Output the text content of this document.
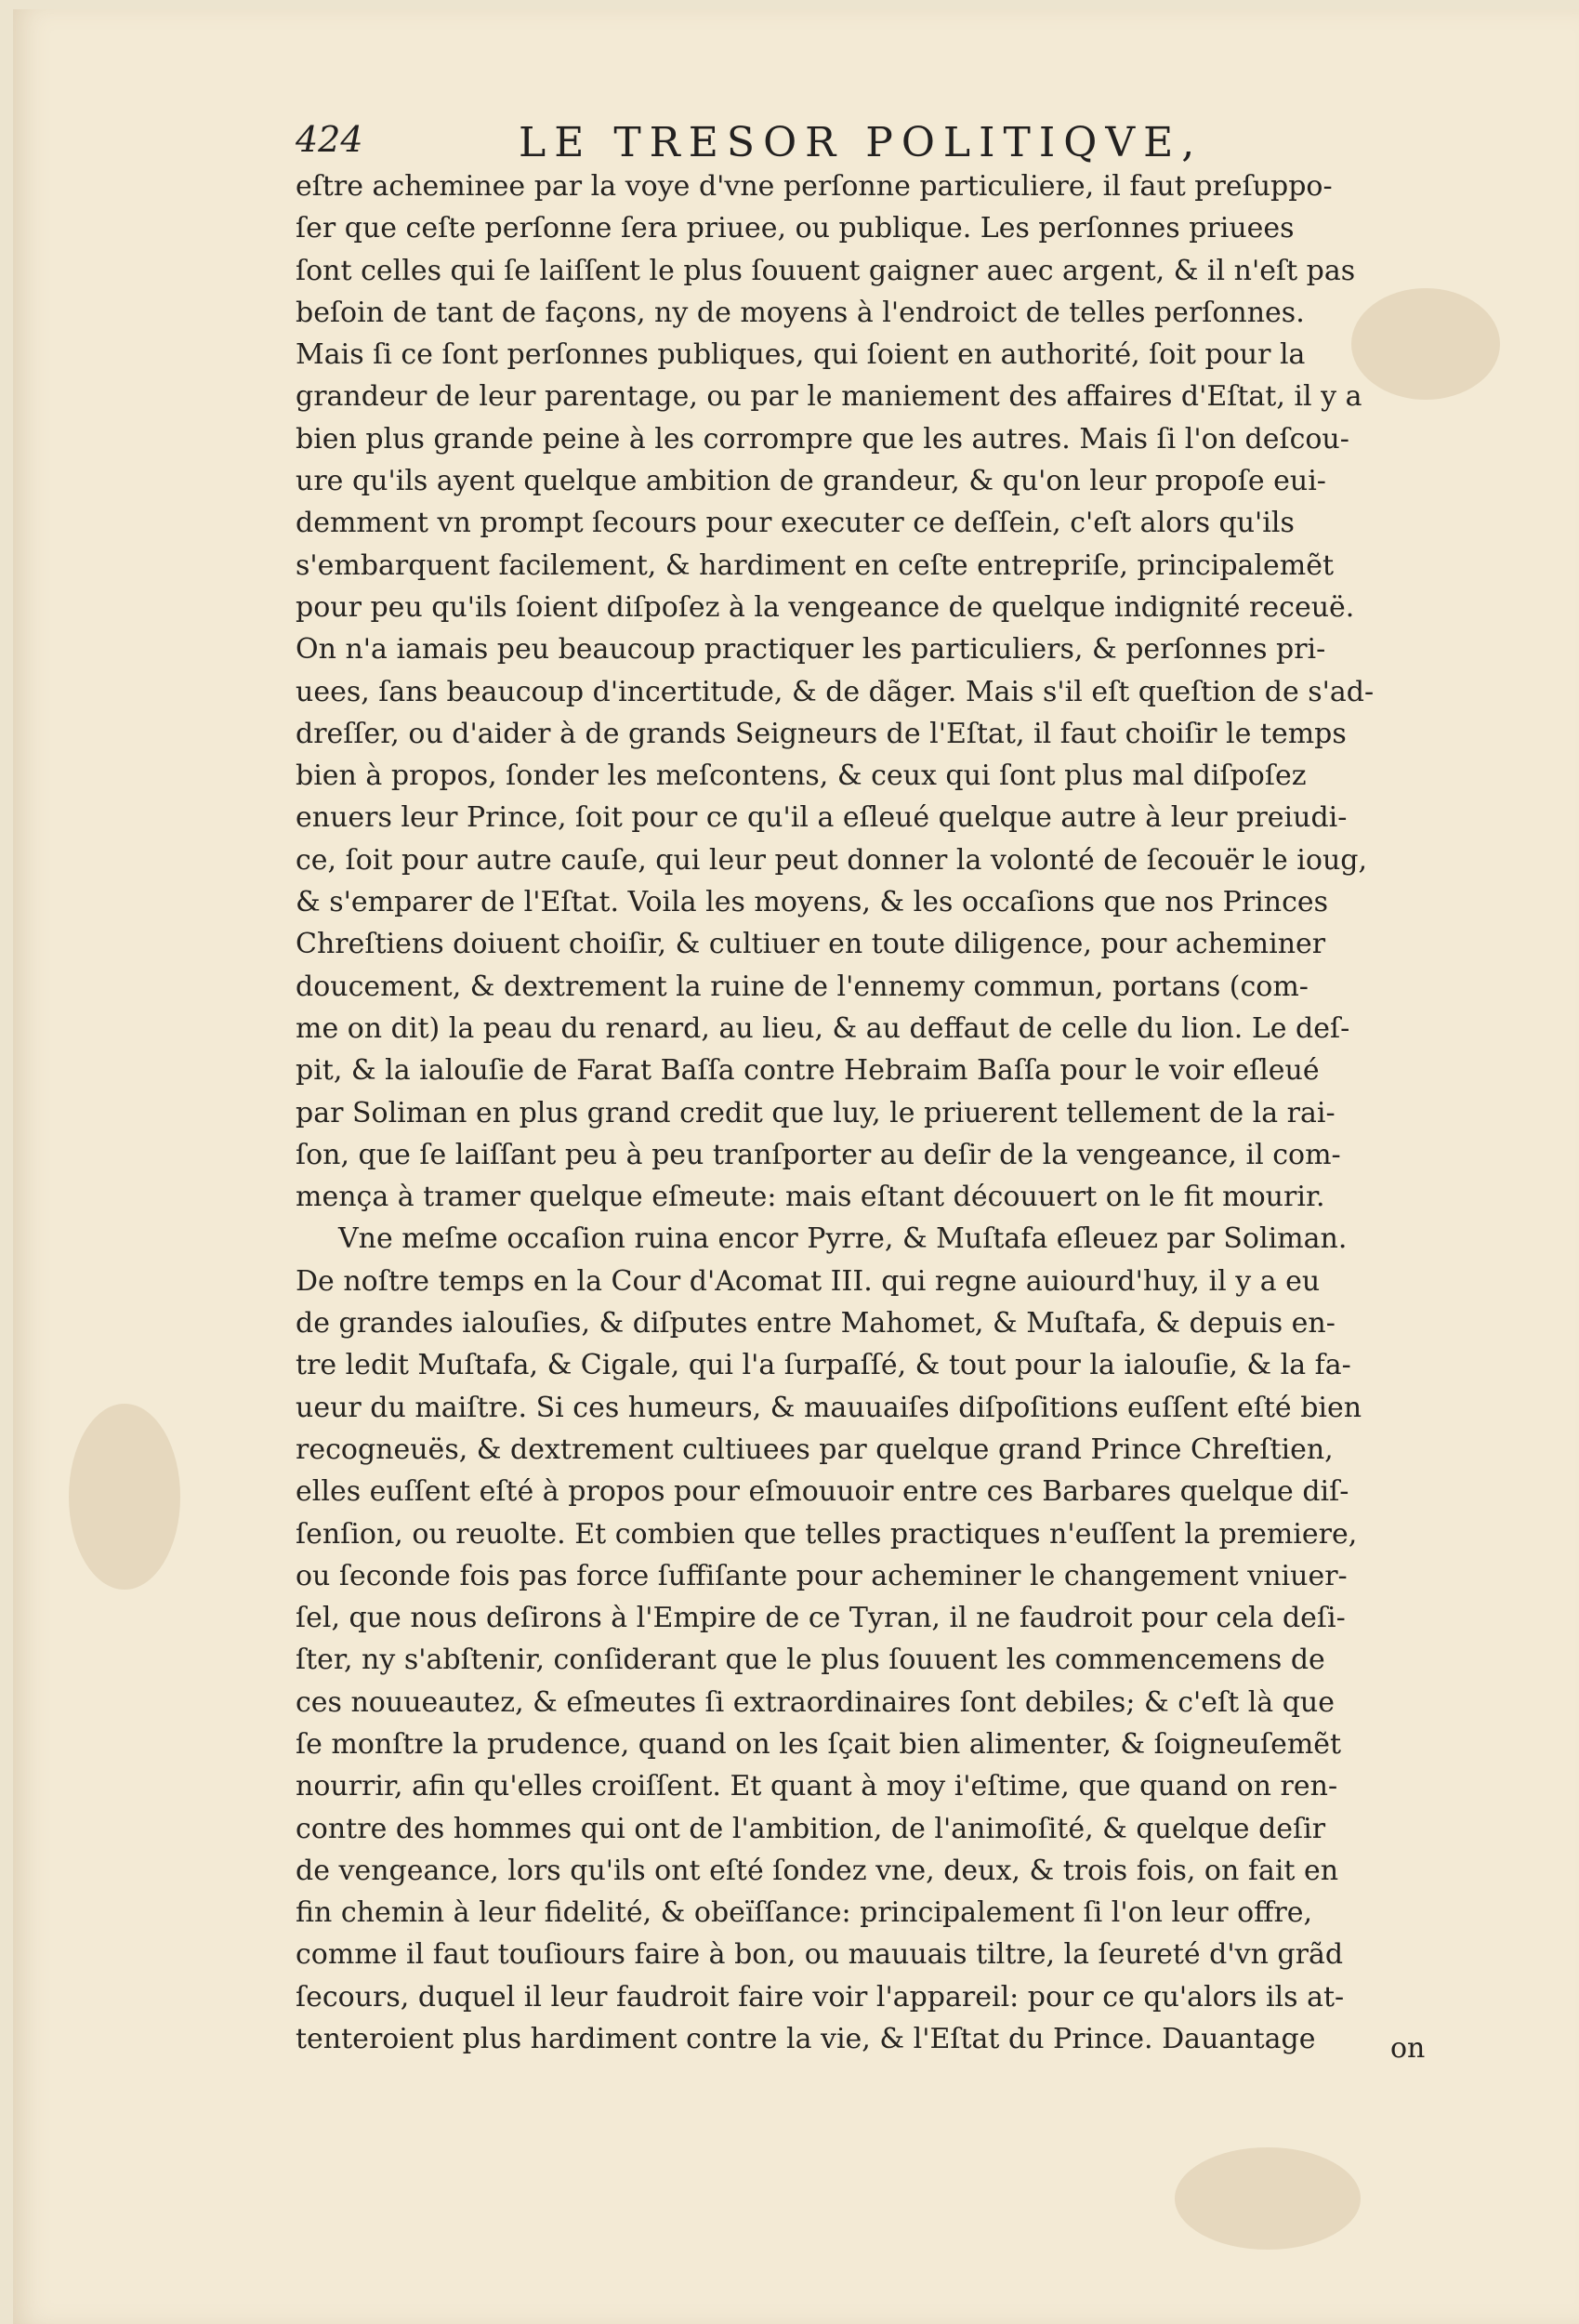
424	LE TRESOR POLITIQVE,
eſtre acheminee par la voye d'vne perſonne particuliere, il faut preſuppo-
ſer que ceſte perſonne ſera priuee, ou publique. Les perſonnes priuees
ſont celles qui ſe laiſſent le plus ſouuent gaigner auec argent, & il n'eſt pas
beſoin de tant de façons, ny de moyens à l'endroict de telles perſonnes.
Mais ſi ce ſont perſonnes publiques, qui ſoient en authorité, ſoit pour la
grandeur de leur parentage, ou par le maniement des affaires d'Eſtat, il y a
bien plus grande peine à les corrompre que les autres. Mais ſi l'on deſcou-
ure qu'ils ayent quelque ambition de grandeur, & qu'on leur propoſe eui-
demment vn prompt ſecours pour executer ce deſſein, c'eſt alors qu'ils
s'embarquent facilement, & hardiment en ceſte entrepriſe, principalemẽt
pour peu qu'ils ſoient diſpoſez à la vengeance de quelque indignité receuë.
On n'a iamais peu beaucoup practiquer les particuliers, & perſonnes pri-
uees, ſans beaucoup d'incertitude, & de dãger. Mais s'il eſt queſtion de s'ad-
dreſſer, ou d'aider à de grands Seigneurs de l'Eſtat, il faut choiſir le temps
bien à propos, ſonder les meſcontens, & ceux qui ſont plus mal diſpoſez
enuers leur Prince, ſoit pour ce qu'il a eſleué quelque autre à leur preiudi-
ce, ſoit pour autre cauſe, qui leur peut donner la volonté de ſecouër le ioug,
& s'emparer de l'Eſtat. Voila les moyens, & les occaſions que nos Princes
Chreſtiens doiuent choiſir, & cultiuer en toute diligence, pour acheminer
doucement, & dextrement la ruine de l'ennemy commun, portans (com-
me on dit) la peau du renard, au lieu, & au deffaut de celle du lion. Le deſ-
pit, & la ialouſie de Farat Baſſa contre Hebraim Baſſa pour le voir eſleué
par Soliman en plus grand credit que luy, le priuerent tellement de la rai-
ſon, que ſe laiſſant peu à peu tranſporter au deſir de la vengeance, il com-
mença à tramer quelque eſmeute: mais eſtant découuert on le fit mourir.
Vne meſme occaſion ruina encor Pyrre, & Muſtafa eſleuez par Soliman.
De noſtre temps en la Cour d'Acomat III. qui regne auiourd'huy, il y a eu
de grandes ialouſies, & diſputes entre Mahomet, & Muſtafa, & depuis en-
tre ledit Muſtafa, & Cigale, qui l'a ſurpaſſé, & tout pour la ialouſie, & la fa-
ueur du maiſtre. Si ces humeurs, & mauuaiſes diſpoſitions euſſent eſté bien
recogneuës, & dextrement cultiuees par quelque grand Prince Chreſtien,
elles euſſent eſté à propos pour eſmouuoir entre ces Barbares quelque diſ-
ſenſion, ou reuolte. Et combien que telles practiques n'euſſent la premiere,
ou ſeconde fois pas force ſuffiſante pour acheminer le changement vniuer-
ſel, que nous deſirons à l'Empire de ce Tyran, il ne faudroit pour cela deſi-
ſter, ny s'abſtenir, conſiderant que le plus ſouuent les commencemens de
ces nouueautez, & eſmeutes ſi extraordinaires ſont debiles; & c'eſt là que
ſe monſtre la prudence, quand on les ſçait bien alimenter, & ſoigneuſemẽt
nourrir, afin qu'elles croiſſent. Et quant à moy i'eſtime, que quand on ren-
contre des hommes qui ont de l'ambition, de l'animoſité, & quelque deſir
de vengeance, lors qu'ils ont eſté ſondez vne, deux, & trois fois, on fait en
fin chemin à leur fidelité, & obeïſſance: principalement ſi l'on leur offre,
comme il faut touſiours faire à bon, ou mauuais tiltre, la ſeureté d'vn grãd
ſecours, duquel il leur faudroit faire voir l'appareil: pour ce qu'alors ils at-
tenteroient plus hardiment contre la vie, & l'Eſtat du Prince. Dauantage	on
